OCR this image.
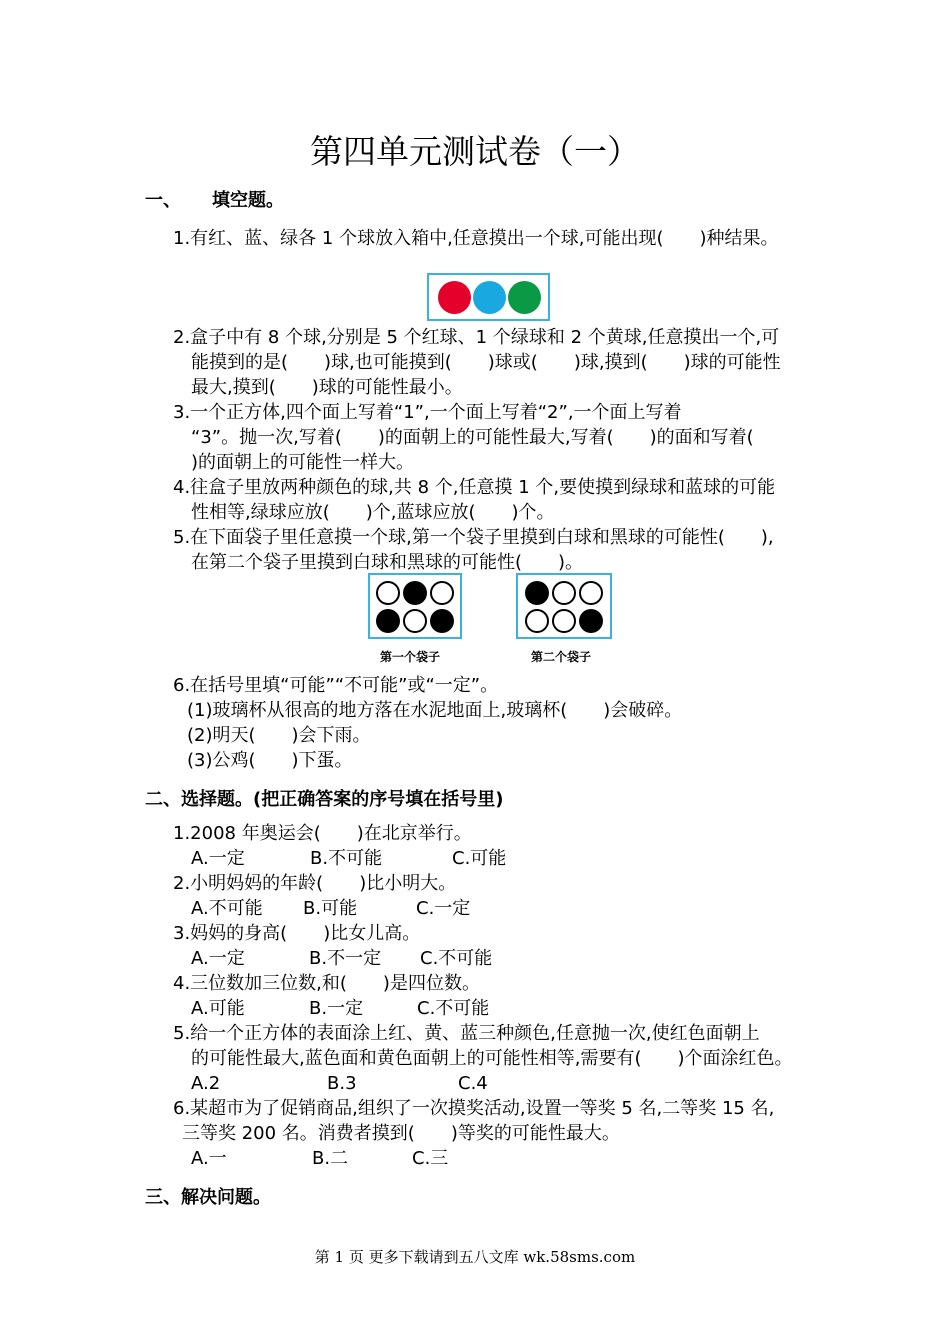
第四单元测试卷（一）
一、 填空题。
1.有红、蓝、绿各 1 个球放入箱中,任意摸出一个球,可能出现(　　)种结果。
2.盒子中有 8 个球,分别是 5 个红球、1 个绿球和 2 个黄球,任意摸出一个,可
能摸到的是(　　)球,也可能摸到(　　)球或(　　)球,摸到(　　)球的可能性
最大,摸到(　　)球的可能性最小。
3.一个正方体,四个面上写着“1”,一个面上写着“2”,一个面上写着
“3”。抛一次,写着(　　)的面朝上的可能性最大,写着(　　)的面和写着(
)的面朝上的可能性一样大。
4.往盒子里放两种颜色的球,共 8 个,任意摸 1 个,要使摸到绿球和蓝球的可能
性相等,绿球应放(　　)个,蓝球应放(　　)个。
5.在下面袋子里任意摸一个球,第一个袋子里摸到白球和黑球的可能性(　　),
在第二个袋子里摸到白球和黑球的可能性(　　)。
第一个袋子	第二个袋子
6.在括号里填“可能”“不可能”或“一定”。
(1)玻璃杯从很高的地方落在水泥地面上,玻璃杯(　　)会破碎。
(2)明天(　　)会下雨。
(3)公鸡(　　)下蛋。
二、选择题。(把正确答案的序号填在括号里)
1.2008 年奥运会(　　)在北京举行。
A.一定	B.不可能	C.可能
2.小明妈妈的年龄(　　)比小明大。
A.不可能 B.可能	C.一定
3.妈妈的身高(　　)比女儿高。
A.一定	B.不一定 C.不可能
4.三位数加三位数,和(　　)是四位数。
A.可能	B.一定	C.不可能
5.给一个正方体的表面涂上红、黄、蓝三种颜色,任意抛一次,使红色面朝上
的可能性最大,蓝色面和黄色面朝上的可能性相等,需要有(　　)个面涂红色。
A.2	B.3	C.4
6.某超市为了促销商品,组织了一次摸奖活动,设置一等奖 5 名,二等奖 15 名,
三等奖 200 名。消费者摸到(　　)等奖的可能性最大。
A.一	B.二	C.三
三、解决问题。
第 1 页 更多下载请到五八文库 wk.58sms.com
